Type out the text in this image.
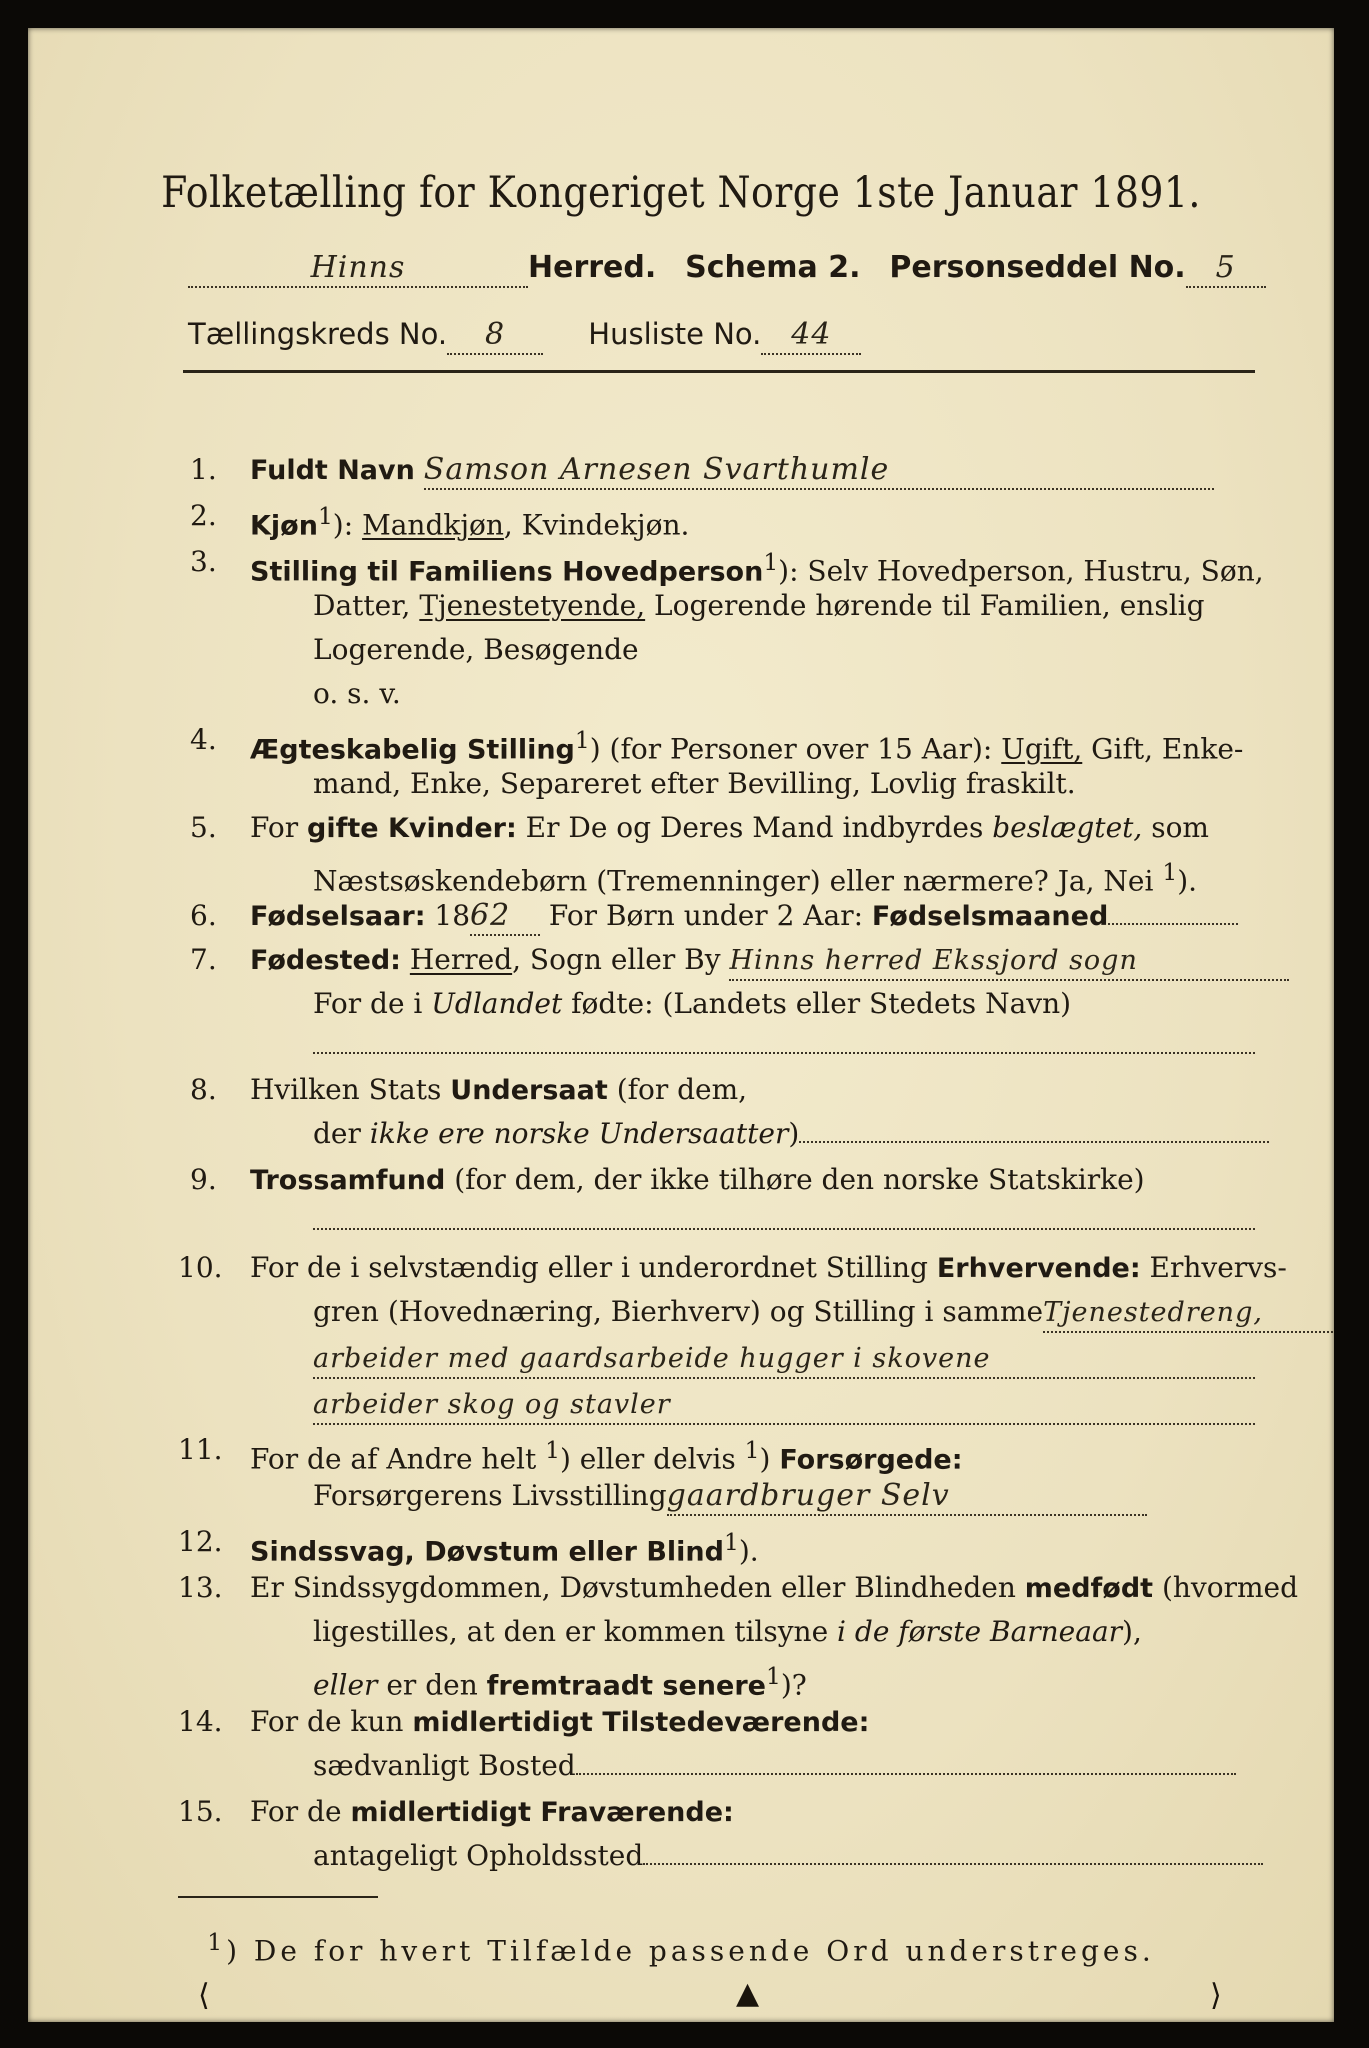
Folketælling for Kongeriget Norge 1ste Januar 1891.
Hinns	Herred. Schema 2. Personseddel No. 5
Tællingskreds No. 8	Husliste No. 44
1.	Fuldt Navn Samson Arnesen Svarthumle
2.	Kjøn$^1$): Mandkjøn, Kvindekjøn.
3.	Stilling til Familiens Hovedperson$^1$): Selv Hovedperson, Hustru, Søn,
Datter, Tjenestetyende, Logerende hørende til Familien, enslig
Logerende, Besøgende
o. s. v.
4.	Ægteskabelig Stilling$^1$) (for Personer over 15 Aar): Ugift, Gift, Enke-
mand, Enke, Separeret efter Bevilling, Lovlig fraskilt.
5.	For gifte Kvinder: Er De og Deres Mand indbyrdes beslægtet, som
Næstsøskendebørn (Tremenninger) eller nærmere? Ja, Nei $^1$).
6.	Fødselsaar: 1862 For Børn under 2 Aar: Fødselsmaaned
7.	Fødested: Herred, Sogn eller By Hinns herred Ekssjord sogn
For de i Udlandet fødte: (Landets eller Stedets Navn)
8.	Hvilken Stats Undersaat (for dem,
der ikke ere norske Undersaatter)
9.	Trossamfund (for dem, der ikke tilhøre den norske Statskirke)
10. For de i selvstændig eller i underordnet Stilling Erhvervende: Erhvervs-
gren (Hovednæring, Bierhverv) og Stilling i sammeTjenestedreng,
arbeider med gaardsarbeide hugger i skovene
arbeider skog og stavler
11. For de af Andre helt $^1$) eller delvis $^1$) Forsørgede:
Forsørgerens Livsstillinggaardbruger Selv
12.	Sindssvag, Døvstum eller Blind$^1$).
13. Er Sindssygdommen, Døvstumheden eller Blindheden medfødt (hvormed
ligestilles, at den er kommen tilsyne i de første Barneaar),
eller er den fremtraadt senere$^1$)?
14. For de kun midlertidigt Tilstedeværende:
sædvanligt Bosted
15. For de midlertidigt Fraværende:
antageligt Opholdssted
$^1$) De for hvert Tilfælde passende Ord understreges.
⟨	▲	⟩
